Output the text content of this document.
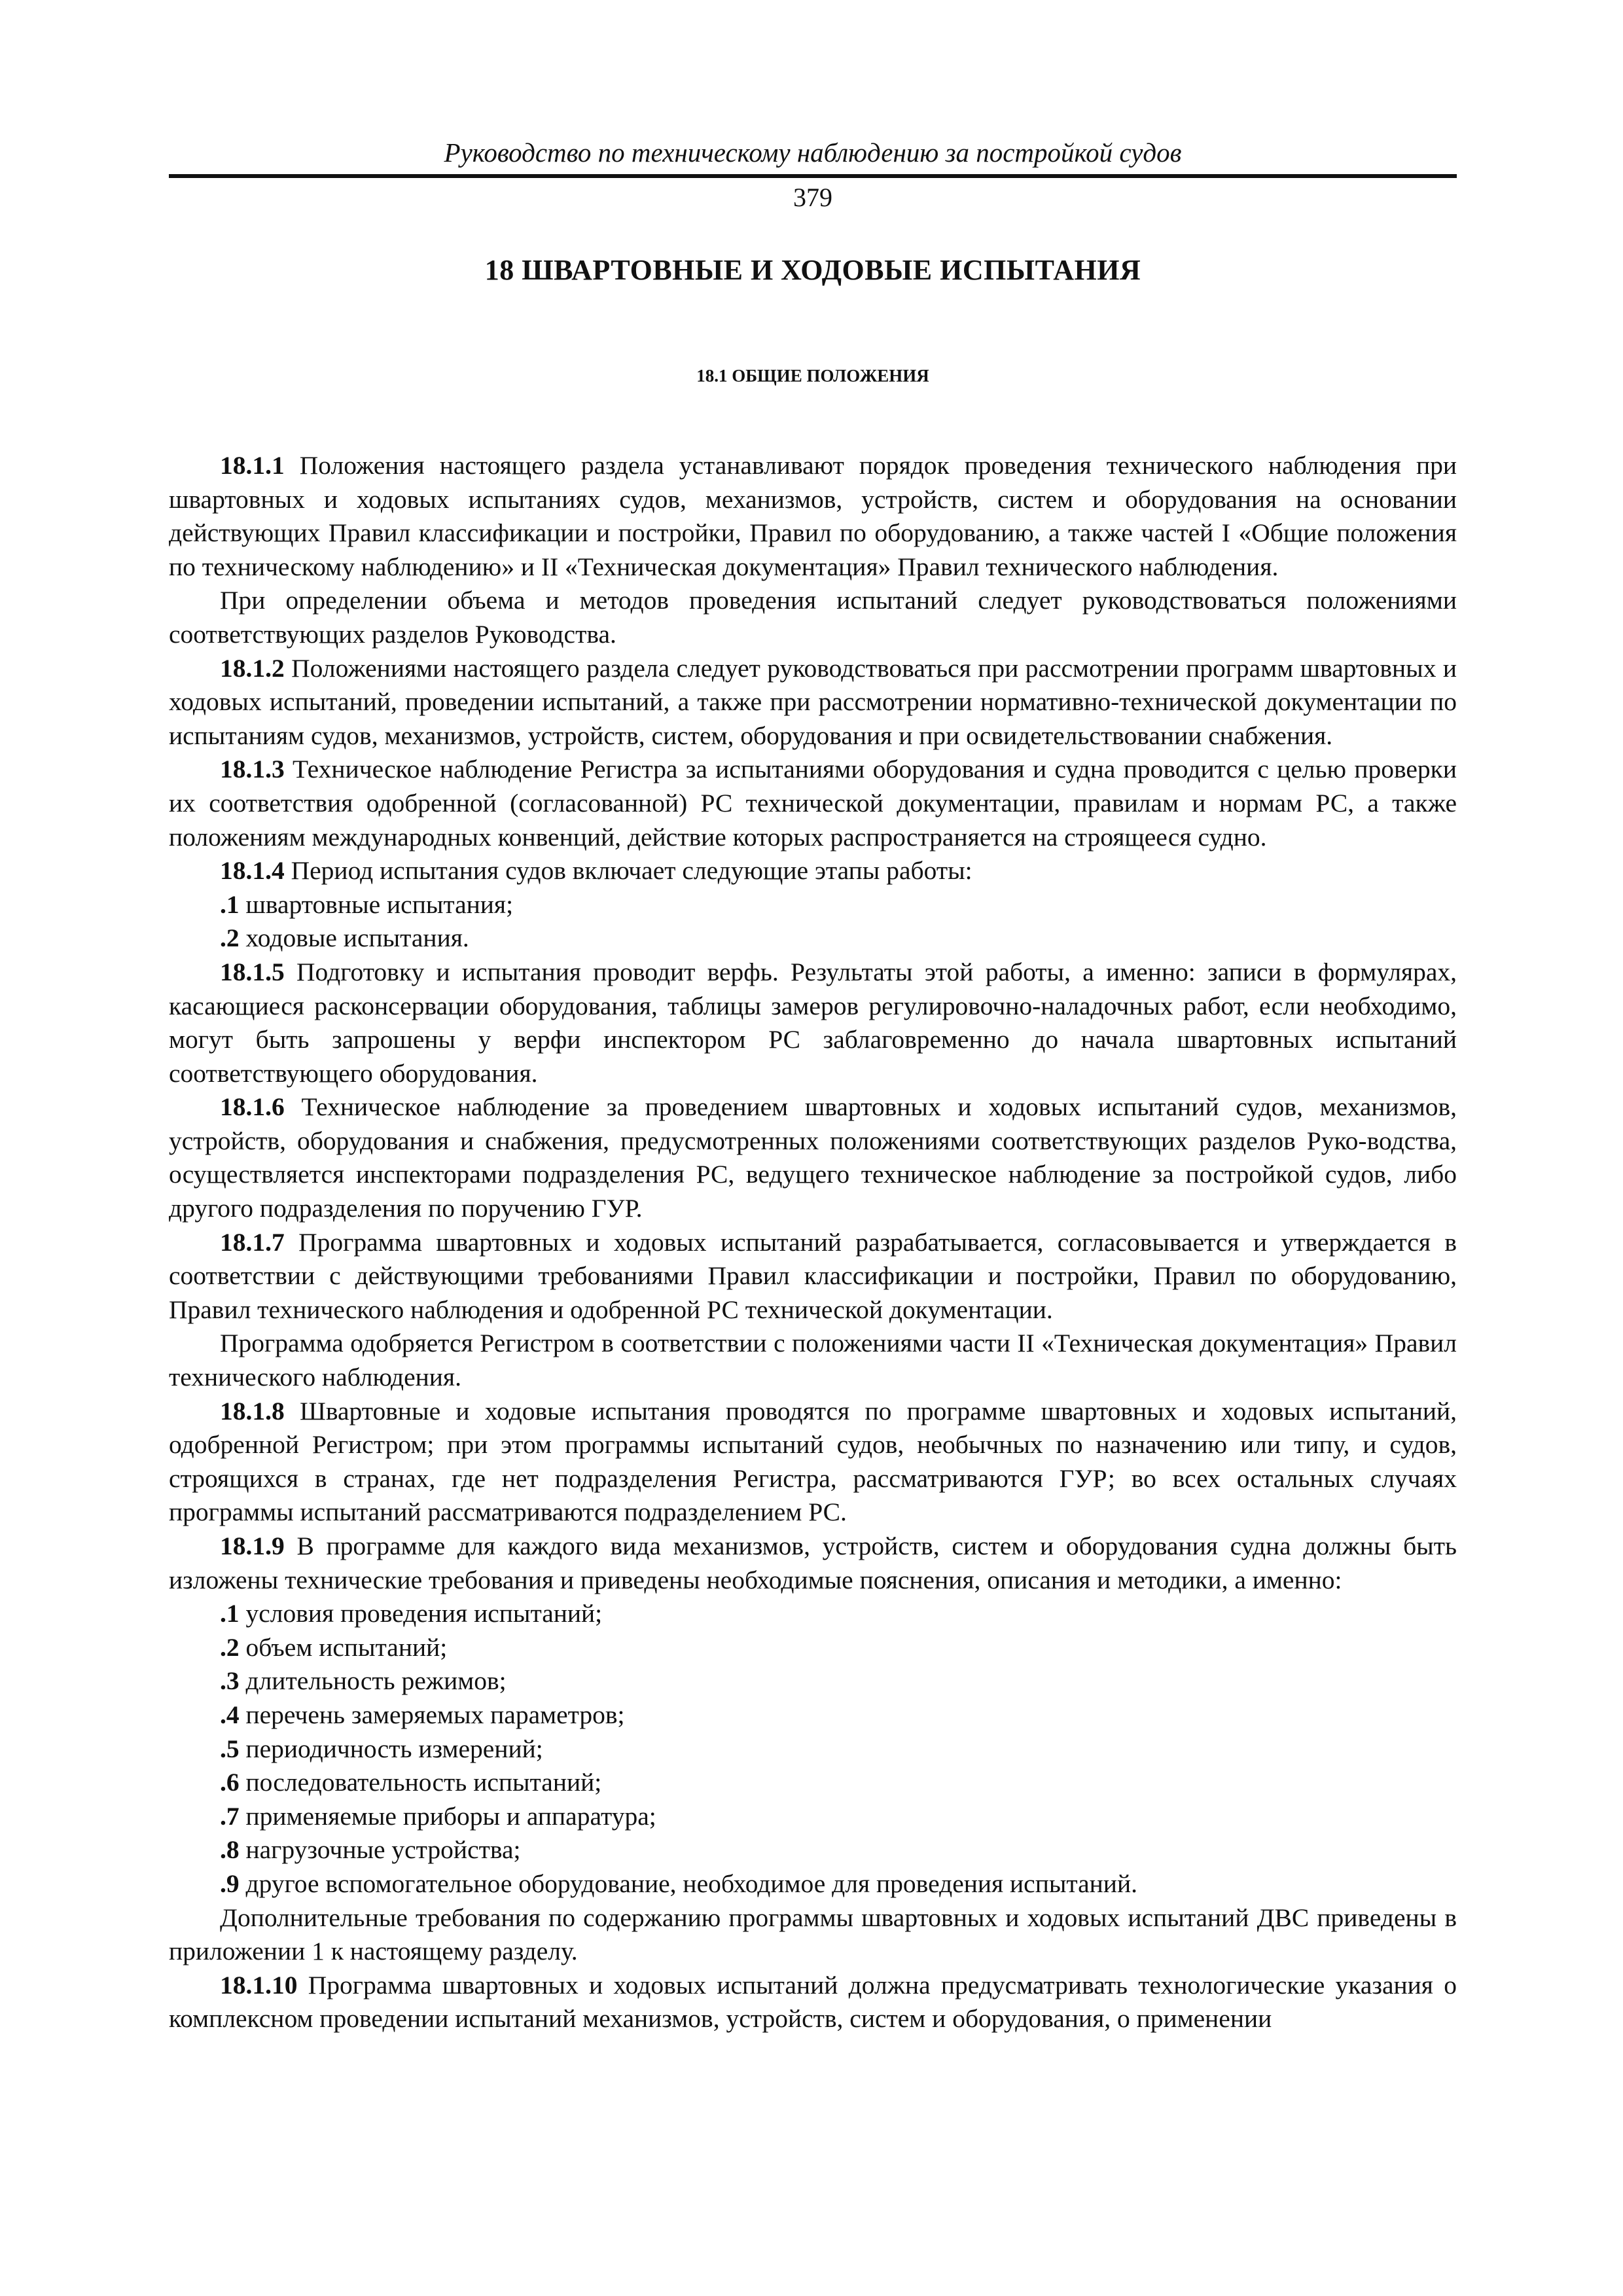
Руководство по техническому наблюдению за постройкой судов
379
18 ШВАРТОВНЫЕ И ХОДОВЫЕ ИСПЫТАНИЯ
18.1 ОБЩИЕ ПОЛОЖЕНИЯ

18.1.1 Положения настоящего раздела устанавливают порядок проведения технического наблюдения при швартовных и ходовых испытаниях судов, механизмов, устройств, систем и оборудования на основании действующих Правил классификации и постройки, Правил по оборудованию, а также частей I «Общие положения по техническому наблюдению» и II «Техническая документация» Правил технического наблюдения.

При определении объема и методов проведения испытаний следует руководствоваться положениями соответствующих разделов Руководства.

18.1.2 Положениями настоящего раздела следует руководствоваться при рассмотрении программ швартовных и ходовых испытаний, проведении испытаний, а также при рассмотрении нормативно-технической документации по испытаниям судов, механизмов, устройств, систем, оборудования и при освидетельствовании снабжения.

18.1.3 Техническое наблюдение Регистра за испытаниями оборудования и судна проводится с целью проверки их соответствия одобренной (согласованной) РС технической документации, правилам и нормам РС, а также положениям международных конвенций, действие которых распространяется на строящееся судно.

18.1.4 Период испытания судов включает следующие этапы работы:

.1 швартовные испытания;

.2 ходовые испытания.

18.1.5 Подготовку и испытания проводит верфь. Результаты этой работы, а именно: записи в формулярах, касающиеся расконсервации оборудования, таблицы замеров регулировочно-наладочных работ, если необходимо, могут быть запрошены у верфи инспектором РС заблаговременно до начала швартовных испытаний соответствующего оборудования.

18.1.6 Техническое наблюдение за проведением швартовных и ходовых испытаний судов, механизмов, устройств, оборудования и снабжения, предусмотренных положениями соответствующих разделов Руко-водства, осуществляется инспекторами подразделения РС, ведущего техническое наблюдение за постройкой судов, либо другого подразделения по поручению ГУР.

18.1.7 Программа швартовных и ходовых испытаний разрабатывается, согласовывается и утверждается в соответствии с действующими требованиями Правил классификации и постройки, Правил по оборудованию, Правил технического наблюдения и одобренной РС технической документации.

Программа одобряется Регистром в соответствии с положениями части II «Техническая документация» Правил технического наблюдения.

18.1.8 Швартовные и ходовые испытания проводятся по программе швартовных и ходовых испытаний, одобренной Регистром; при этом программы испытаний судов, необычных по назначению или типу, и судов, строящихся в странах, где нет подразделения Регистра, рассматриваются ГУР; во всех остальных случаях программы испытаний рассматриваются подразделением РС.

18.1.9 В программе для каждого вида механизмов, устройств, систем и оборудования судна должны быть изложены технические требования и приведены необходимые пояснения, описания и методики, а именно:

.1 условия проведения испытаний;

.2 объем испытаний;

.3 длительность режимов;

.4 перечень замеряемых параметров;

.5 периодичность измерений;

.6 последовательность испытаний;

.7 применяемые приборы и аппаратура;

.8 нагрузочные устройства;

.9 другое вспомогательное оборудование, необходимое для проведения испытаний.

Дополнительные требования по содержанию программы швартовных и ходовых испытаний ДВС приведены в приложении 1 к настоящему разделу.

18.1.10 Программа швартовных и ходовых испытаний должна предусматривать технологические указания о комплексном проведении испытаний механизмов, устройств, систем и оборудования, о применении
